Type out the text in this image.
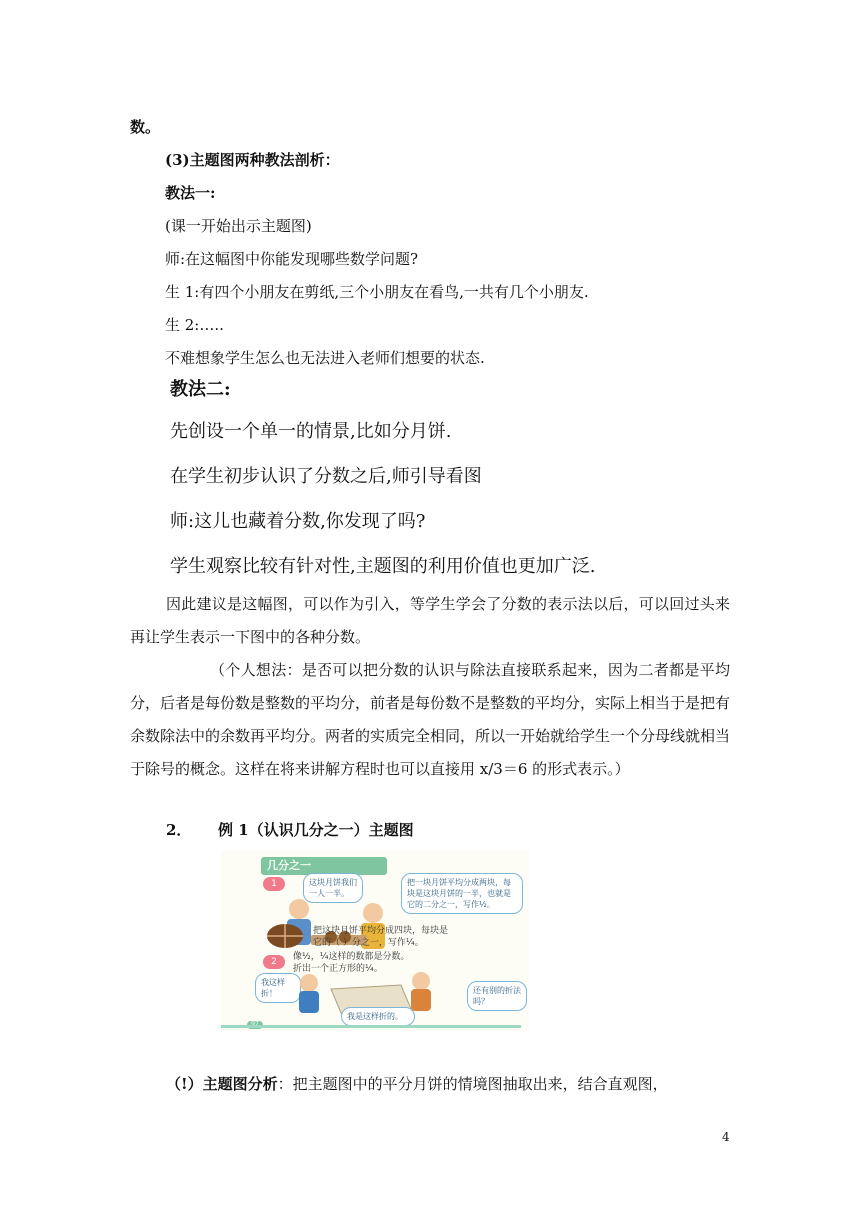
数。
(3)主题图两种教法剖析：
教法一:
(课一开始出示主题图)
师:在这幅图中你能发现哪些数学问题?
生 1:有四个小朋友在剪纸,三个小朋友在看鸟,一共有几个小朋友.
生 2:…..
不难想象学生怎么也无法进入老师们想要的状态.
教法二:
先创设一个单一的情景,比如分月饼.
在学生初步认识了分数之后,师引导看图
师:这儿也藏着分数,你发现了吗?
学生观察比较有针对性,主题图的利用价值也更加广泛.
因此建议是这幅图，可以作为引入，等学生学会了分数的表示法以后，可以回过头来再让学生表示一下图中的各种分数。
（个人想法：是否可以把分数的认识与除法直接联系起来，因为二者都是平均分，后者是每份数是整数的平均分，前者是每份数不是整数的平均分，实际上相当于是把有余数除法中的余数再平均分。两者的实质完全相同，所以一开始就给学生一个分母线就相当于除号的概念。这样在将来讲解方程时也可以直接用 x/3＝6 的形式表示。）
2． 例 1（认识几分之一）主题图
几分之一
1
2
这块月饼我们一人一半。
把一块月饼平均分成两块，每块是这块月饼的一半，也就是它的二分之一，写作½。
把这块月饼平均分成四块，每块是
它的（ ）分之一，写作¼。
像½，¼这样的数都是分数。
折出一个正方形的¼。
我这样折！	还有别的折法吗？
我是这样折的。
（!）主题图分析：把主题图中的平分月饼的情境图抽取出来，结合直观图，
4
